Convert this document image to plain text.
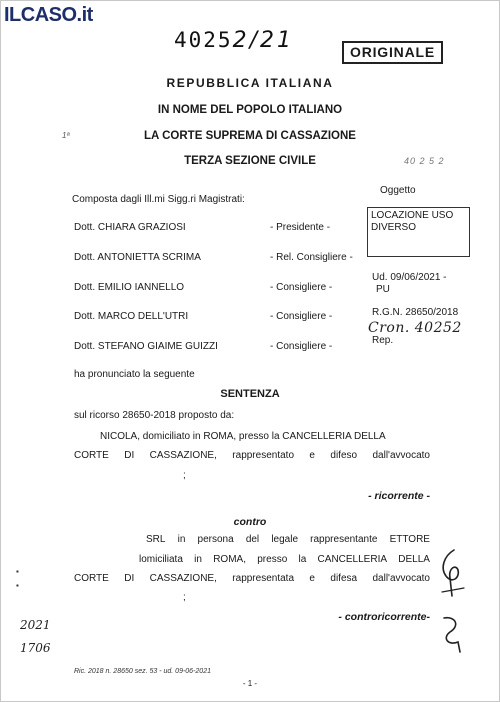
ILCASO.it
40252/21	ORIGINALE
REPUBBLICA ITALIANA
IN NOME DEL POPOLO ITALIANO
LA CORTE SUPREMA DI CASSAZIONE
TERZA SEZIONE CIVILE
1ª
40 2 5 2
Composta dagli Ill.mi Sigg.ri Magistrati:
Oggetto
LOCAZIONE USO DIVERSO
Dott. CHIARA GRAZIOSI	- Presidente -
Dott. ANTONIETTA SCRIMA	- Rel. Consigliere -
Dott. EMILIO IANNELLO	- Consigliere -
Dott. MARCO DELL'UTRI	- Consigliere -
Dott. STEFANO GIAIME GUIZZI	- Consigliere -
Ud. 09/06/2021 -
PU
R.G.N. 28650/2018
Cron. 40252
Rep.
ha pronunciato la seguente
SENTENZA
sul ricorso 28650-2018 proposto da:
NICOLA, domiciliato in ROMA, presso la CANCELLERIA DELLA
CORTE DI CASSAZIONE, rappresentato e difeso dall'avvocato
;
- ricorrente -
contro
SRL in persona del legale rappresentante ETTORE
lomiciliata in ROMA, presso la CANCELLERIA DELLA
CORTE DI CASSAZIONE, rappresentata e difesa dall'avvocato
;
- controricorrente-
▪
▪
2021
1706
Ric. 2018 n. 28650 sez. 53 - ud. 09-06-2021
- 1 -
